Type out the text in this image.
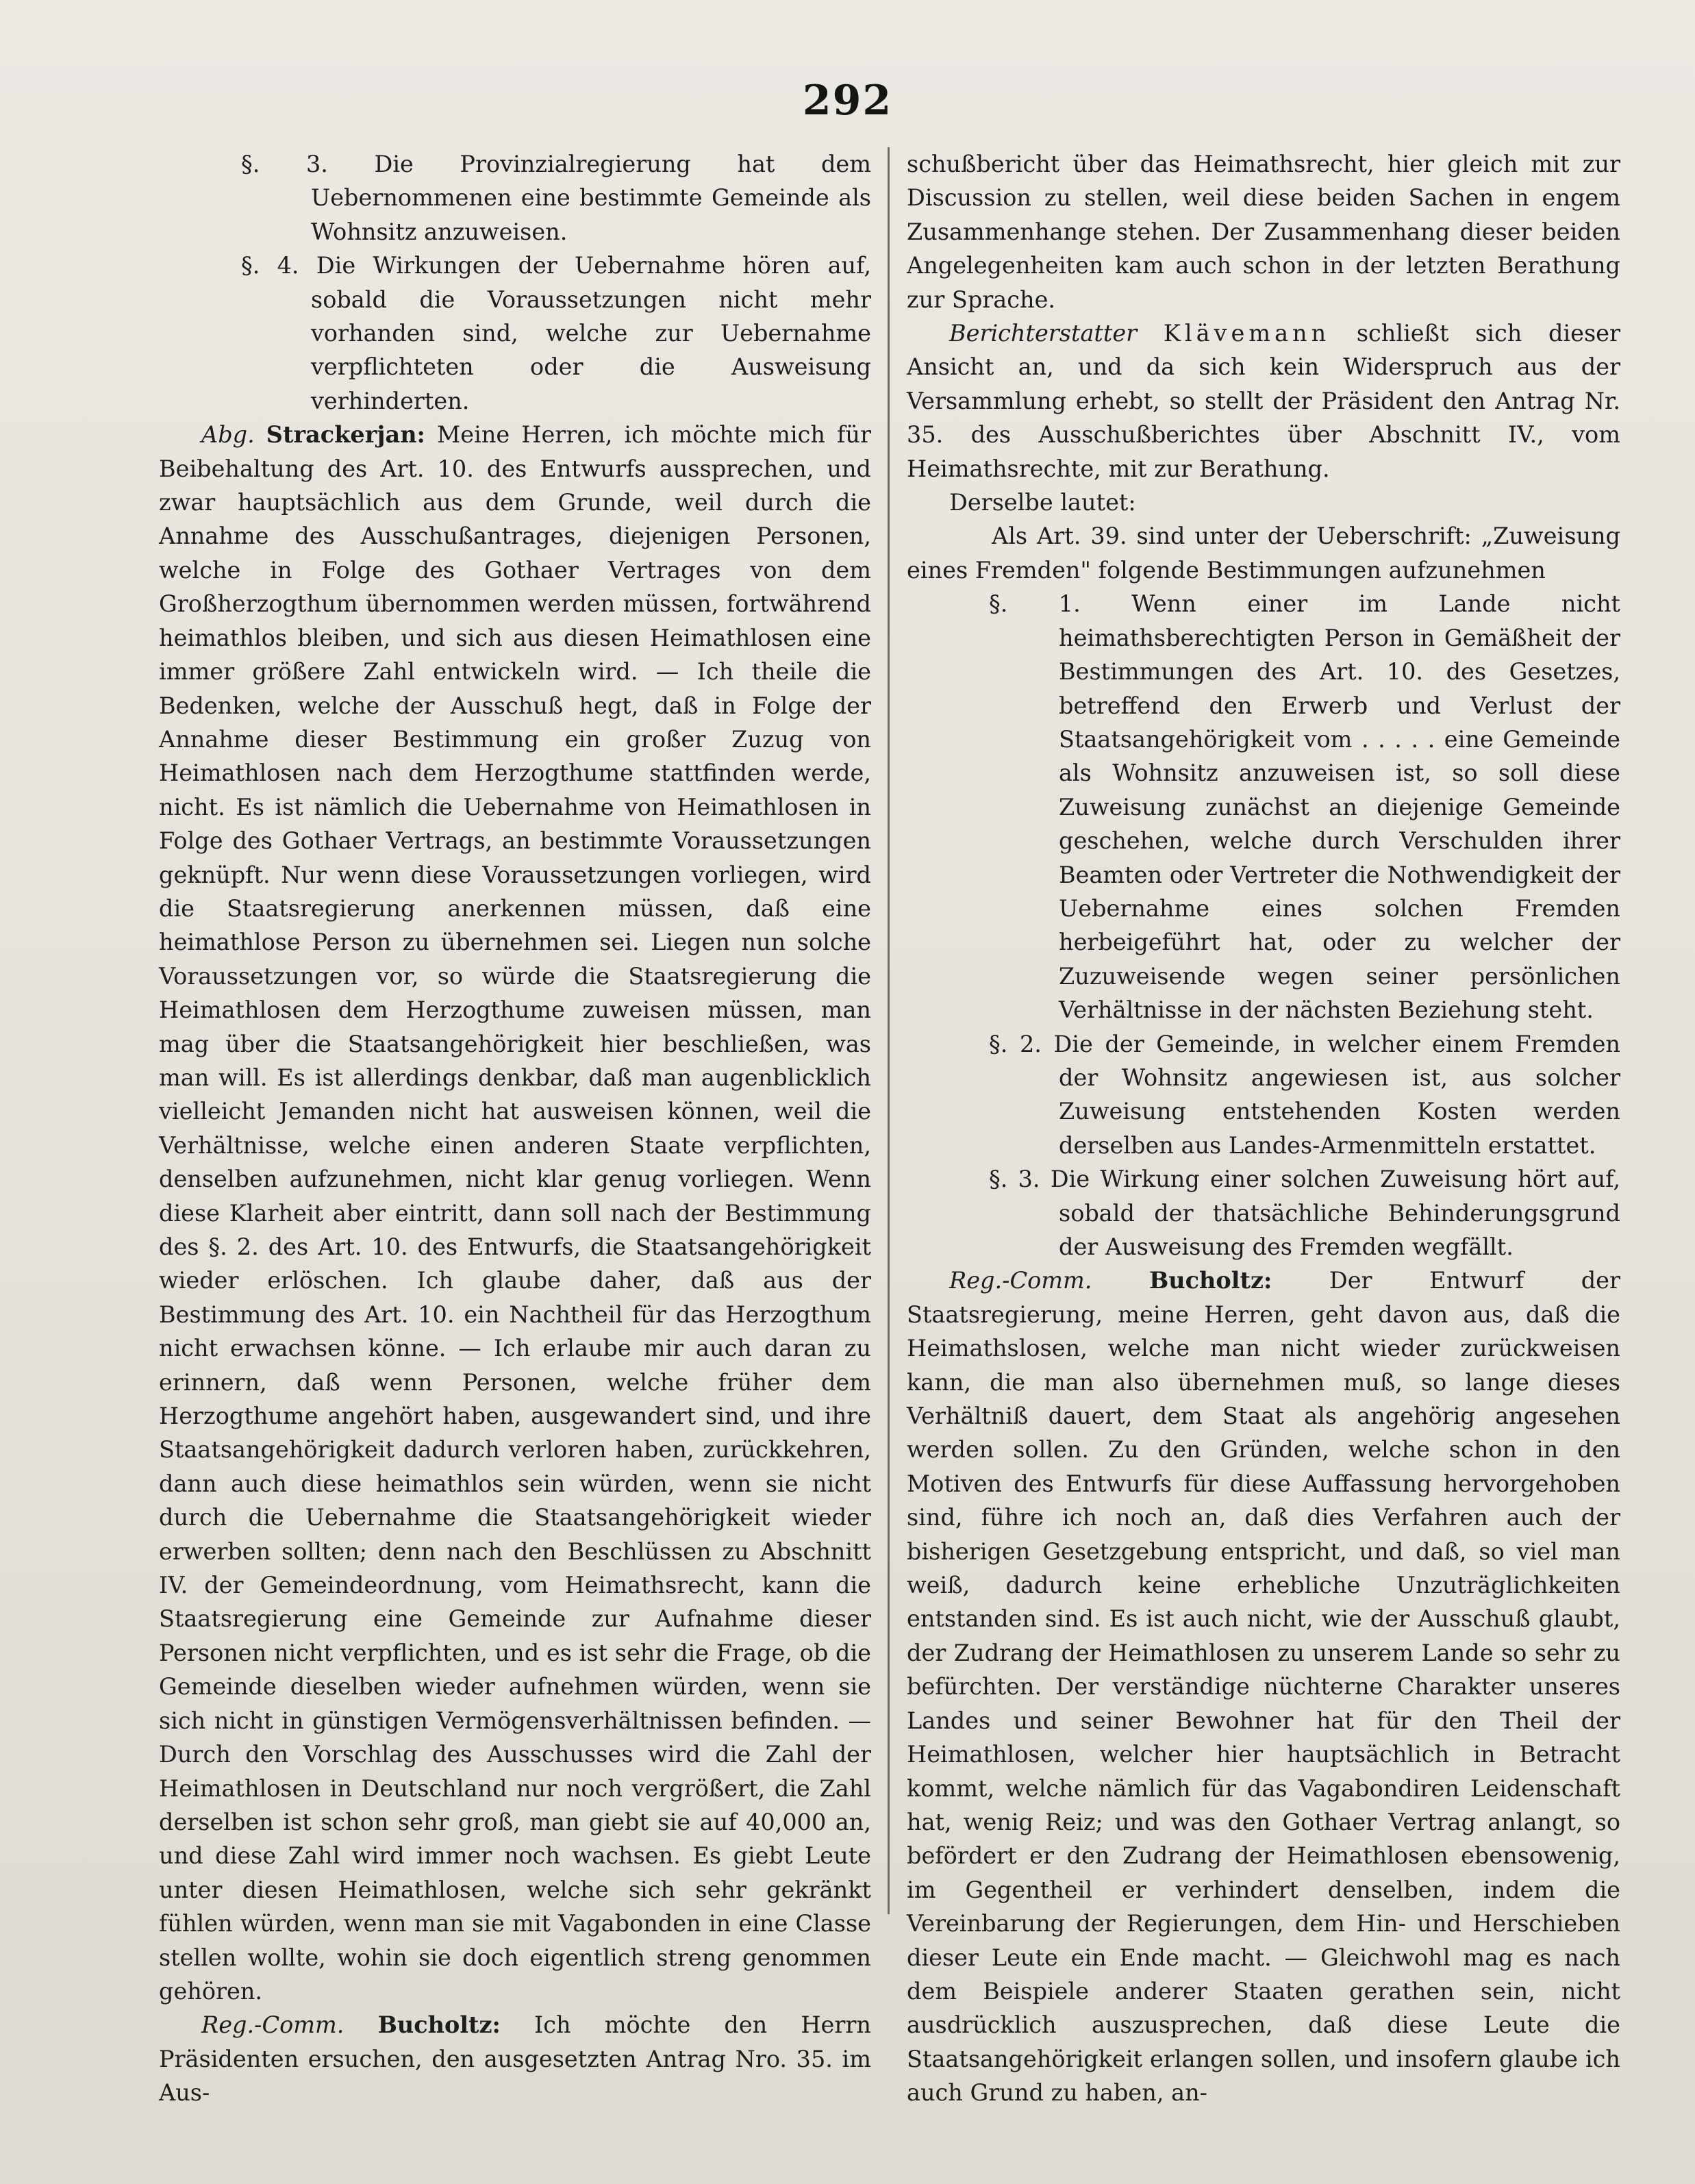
292

§. 3. Die Provinzialregierung hat dem Uebernommenen eine bestimmte Gemeinde als Wohnsitz anzuweisen.

§. 4. Die Wirkungen der Uebernahme hören auf, sobald die Voraussetzungen nicht mehr vorhanden sind, welche zur Uebernahme verpflichteten oder die Ausweisung verhinderten.

Abg. Strackerjan: Meine Herren, ich möchte mich für Beibehaltung des Art. 10. des Entwurfs aussprechen, und zwar hauptsächlich aus dem Grunde, weil durch die Annahme des Ausschußantrages, diejenigen Personen, welche in Folge des Gothaer Vertrages von dem Großherzogthum übernommen werden müssen, fortwährend heimathlos bleiben, und sich aus diesen Heimathlosen eine immer größere Zahl entwickeln wird. — Ich theile die Bedenken, welche der Ausschuß hegt, daß in Folge der Annahme dieser Bestimmung ein großer Zuzug von Heimathlosen nach dem Herzogthume stattfinden werde, nicht. Es ist nämlich die Uebernahme von Heimathlosen in Folge des Gothaer Vertrags, an bestimmte Voraussetzungen geknüpft. Nur wenn diese Voraussetzungen vorliegen, wird die Staatsregierung anerkennen müssen, daß eine heimathlose Person zu übernehmen sei. Liegen nun solche Voraussetzungen vor, so würde die Staatsregierung die Heimathlosen dem Herzogthume zuweisen müssen, man mag über die Staatsangehörigkeit hier beschließen, was man will. Es ist allerdings denkbar, daß man augenblicklich vielleicht Jemanden nicht hat ausweisen können, weil die Verhältnisse, welche einen anderen Staate verpflichten, denselben aufzunehmen, nicht klar genug vorliegen. Wenn diese Klarheit aber eintritt, dann soll nach der Bestimmung des §. 2. des Art. 10. des Entwurfs, die Staatsangehörigkeit wieder erlöschen. Ich glaube daher, daß aus der Bestimmung des Art. 10. ein Nachtheil für das Herzogthum nicht erwachsen könne. — Ich erlaube mir auch daran zu erinnern, daß wenn Personen, welche früher dem Herzogthume angehört haben, ausgewandert sind, und ihre Staatsangehörigkeit dadurch verloren haben, zurückkehren, dann auch diese heimathlos sein würden, wenn sie nicht durch die Uebernahme die Staatsangehörigkeit wieder erwerben sollten; denn nach den Beschlüssen zu Abschnitt IV. der Gemeindeordnung, vom Heimathsrecht, kann die Staatsregierung eine Gemeinde zur Aufnahme dieser Personen nicht verpflichten, und es ist sehr die Frage, ob die Gemeinde dieselben wieder aufnehmen würden, wenn sie sich nicht in günstigen Vermögensverhältnissen befinden. — Durch den Vorschlag des Ausschusses wird die Zahl der Heimathlosen in Deutschland nur noch vergrößert, die Zahl derselben ist schon sehr groß, man giebt sie auf 40,000 an, und diese Zahl wird immer noch wachsen. Es giebt Leute unter diesen Heimathlosen, welche sich sehr gekränkt fühlen würden, wenn man sie mit Vagabonden in eine Classe stellen wollte, wohin sie doch eigentlich streng genommen gehören.

Reg.-Comm. Bucholtz: Ich möchte den Herrn Präsidenten ersuchen, den ausgesetzten Antrag Nro. 35. im Aus-

schußbericht über das Heimathsrecht, hier gleich mit zur Discussion zu stellen, weil diese beiden Sachen in engem Zusammenhange stehen. Der Zusammenhang dieser beiden Angelegenheiten kam auch schon in der letzten Berathung zur Sprache.

Berichterstatter Klävemann schließt sich dieser Ansicht an, und da sich kein Widerspruch aus der Versammlung erhebt, so stellt der Präsident den Antrag Nr. 35. des Ausschußberichtes über Abschnitt IV., vom Heimathsrechte, mit zur Berathung.

Derselbe lautet:

Als Art. 39. sind unter der Ueberschrift: „Zuweisung eines Fremden" folgende Bestimmungen aufzunehmen

§. 1. Wenn einer im Lande nicht heimathsberechtigten Person in Gemäßheit der Bestimmungen des Art. 10. des Gesetzes, betreffend den Erwerb und Verlust der Staatsangehörigkeit vom . . . . . eine Gemeinde als Wohnsitz anzuweisen ist, so soll diese Zuweisung zunächst an diejenige Gemeinde geschehen, welche durch Verschulden ihrer Beamten oder Vertreter die Nothwendigkeit der Uebernahme eines solchen Fremden herbeigeführt hat, oder zu welcher der Zuzuweisende wegen seiner persönlichen Verhältnisse in der nächsten Beziehung steht.

§. 2. Die der Gemeinde, in welcher einem Fremden der Wohnsitz angewiesen ist, aus solcher Zuweisung entstehenden Kosten werden derselben aus Landes-Armenmitteln erstattet.

§. 3. Die Wirkung einer solchen Zuweisung hört auf, sobald der thatsächliche Behinderungsgrund der Ausweisung des Fremden wegfällt.

Reg.-Comm. Bucholtz: Der Entwurf der Staatsregierung, meine Herren, geht davon aus, daß die Heimathslosen, welche man nicht wieder zurückweisen kann, die man also übernehmen muß, so lange dieses Verhältniß dauert, dem Staat als angehörig angesehen werden sollen. Zu den Gründen, welche schon in den Motiven des Entwurfs für diese Auffassung hervorgehoben sind, führe ich noch an, daß dies Verfahren auch der bisherigen Gesetzgebung entspricht, und daß, so viel man weiß, dadurch keine erhebliche Unzuträglichkeiten entstanden sind. Es ist auch nicht, wie der Ausschuß glaubt, der Zudrang der Heimathlosen zu unserem Lande so sehr zu befürchten. Der verständige nüchterne Charakter unseres Landes und seiner Bewohner hat für den Theil der Heimathlosen, welcher hier hauptsächlich in Betracht kommt, welche nämlich für das Vagabondiren Leidenschaft hat, wenig Reiz; und was den Gothaer Vertrag anlangt, so befördert er den Zudrang der Heimathlosen ebensowenig, im Gegentheil er verhindert denselben, indem die Vereinbarung der Regierungen, dem Hin- und Herschieben dieser Leute ein Ende macht. — Gleichwohl mag es nach dem Beispiele anderer Staaten gerathen sein, nicht ausdrücklich auszusprechen, daß diese Leute die Staatsangehörigkeit erlangen sollen, und insofern glaube ich auch Grund zu haben, an-
